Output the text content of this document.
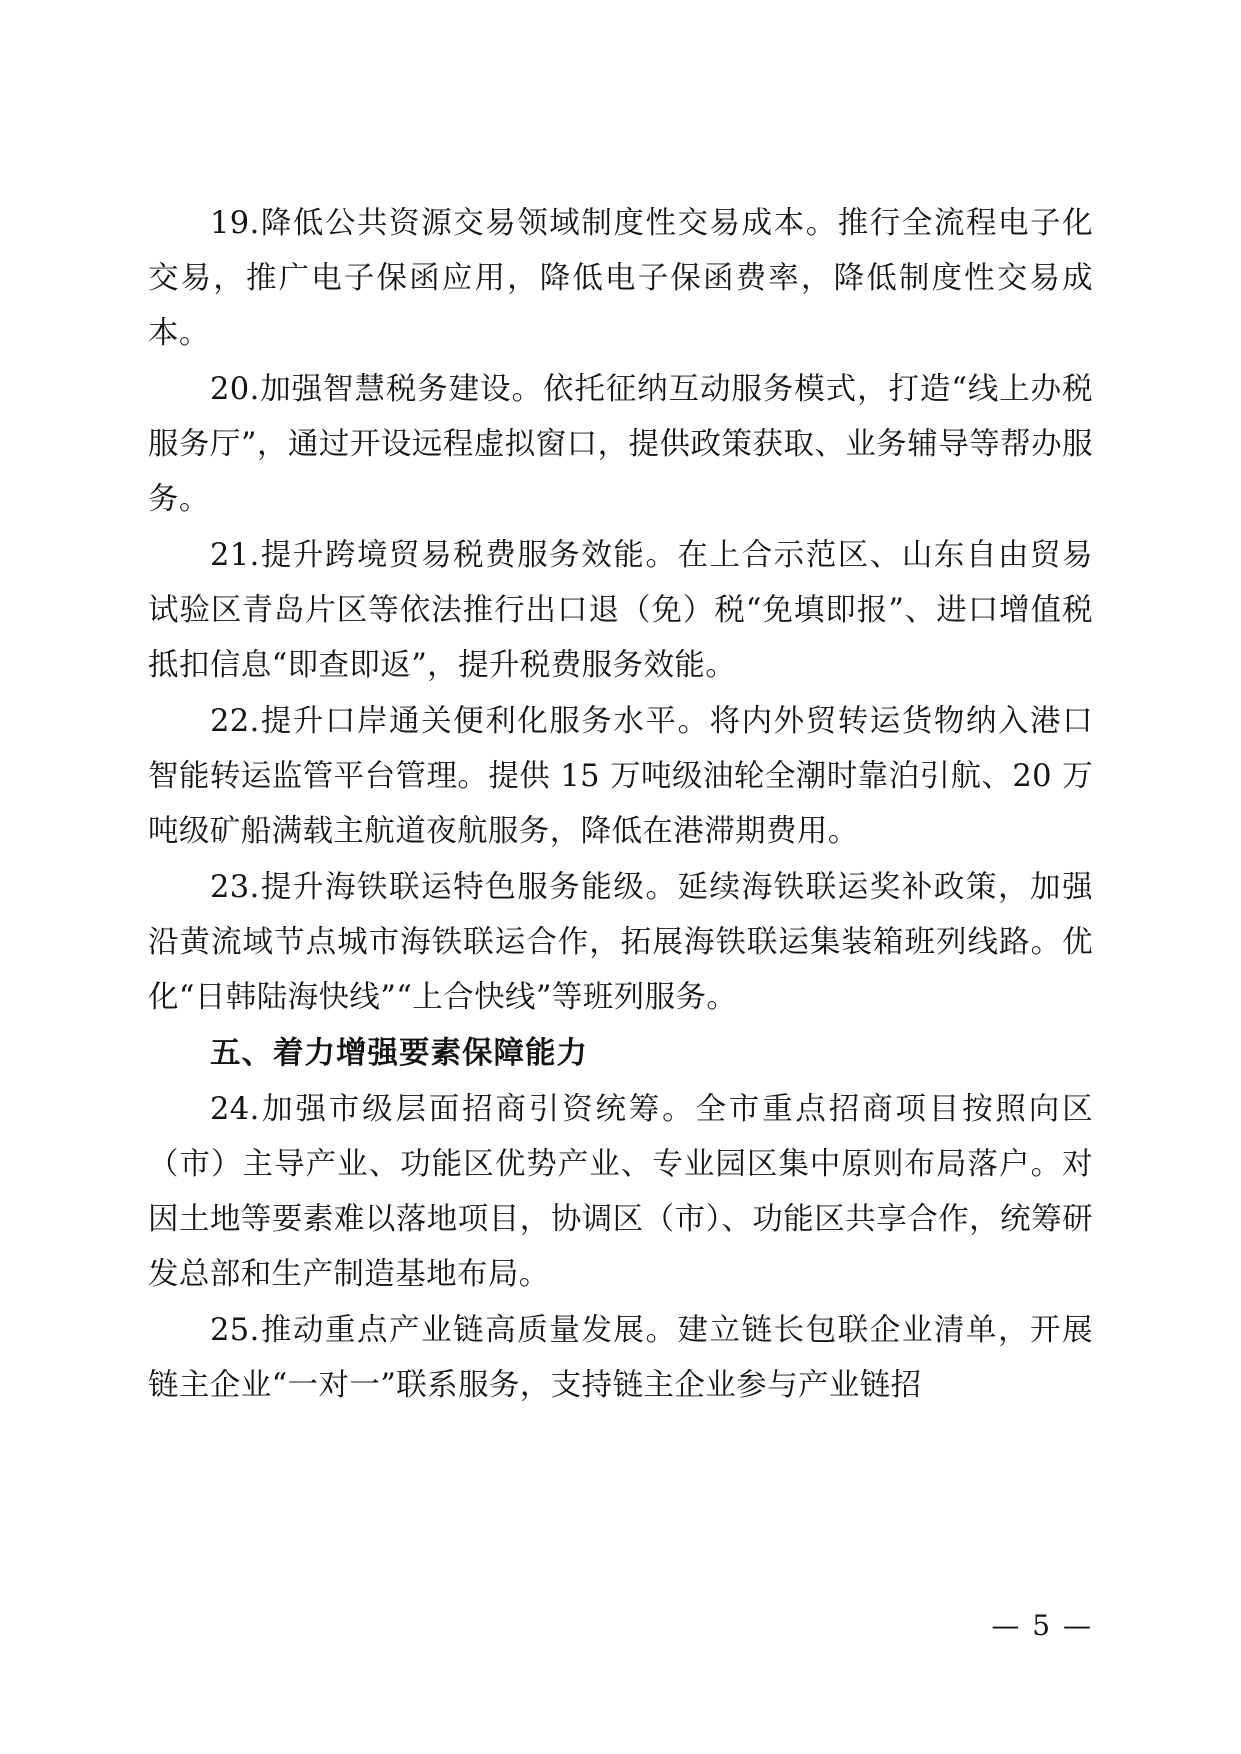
19.降低公共资源交易领域制度性交易成本。推行全流程电子化交易，推广电子保函应用，降低电子保函费率，降低制度性交易成本。

20.加强智慧税务建设。依托征纳互动服务模式，打造“线上办税服务厅”，通过开设远程虚拟窗口，提供政策获取、业务辅导等帮办服务。

21.提升跨境贸易税费服务效能。在上合示范区、山东自由贸易试验区青岛片区等依法推行出口退（免）税“免填即报”、进口增值税抵扣信息“即查即返”，提升税费服务效能。

22.提升口岸通关便利化服务水平。将内外贸转运货物纳入港口智能转运监管平台管理。提供 15 万吨级油轮全潮时靠泊引航、20 万吨级矿船满载主航道夜航服务，降低在港滞期费用。

23.提升海铁联运特色服务能级。延续海铁联运奖补政策，加强沿黄流域节点城市海铁联运合作，拓展海铁联运集装箱班列线路。优化“日韩陆海快线”“上合快线”等班列服务。

五、着力增强要素保障能力

24.加强市级层面招商引资统筹。全市重点招商项目按照向区（市）主导产业、功能区优势产业、专业园区集中原则布局落户。对因土地等要素难以落地项目，协调区（市）、功能区共享合作，统筹研发总部和生产制造基地布局。

25.推动重点产业链高质量发展。建立链长包联企业清单，开展链主企业“一对一”联系服务，支持链主企业参与产业链招

— 5 —
